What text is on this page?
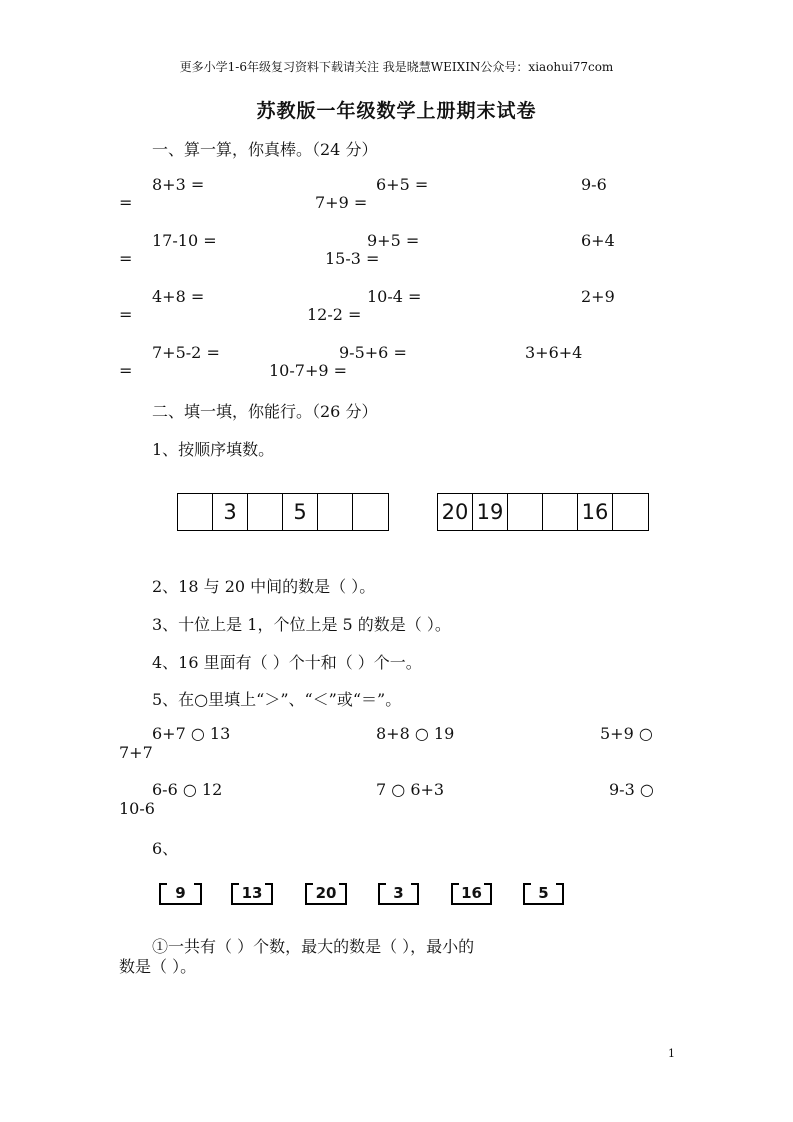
更多小学1-6年级复习资料下载请关注 我是晓慧WEIXIN公众号：xiaohui77com
苏教版一年级数学上册期末试卷
一、算一算，你真棒。（24 分）
8+3 =	6+5 =	9-6
=	7+9 =
17-10 =	9+5 =	6+4
=	15-3 =
4+8 =	10-4 =	2+9
=	12-2 =
7+5-2 =	9-5+6 =	3+6+4
=	10-7+9 =
二、填一填，你能行。（26 分）
1、按顺序填数。
3	5	20 19	16
2、18 与 20 中间的数是（ ）。
3、十位上是 1，个位上是 5 的数是（ ）。
4、16 里面有（ ）个十和（ ）个一。
5、在○里填上“＞”、“＜”或“＝”。
6+7 ○ 13	8+8 ○ 19	5+9 ○
7+7
6-6 ○ 12	7 ○ 6+3	9-3 ○
10-6
6、
9	13	20	3	16	5
①一共有（ ）个数，最大的数是（ ），最小的
数是（ ）。
1
